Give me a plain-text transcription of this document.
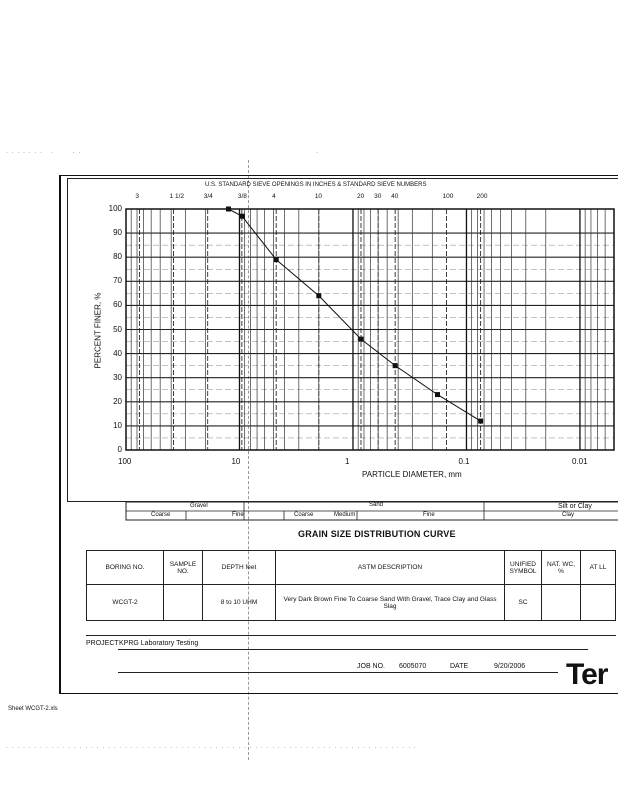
· · · · · · ·   ·       · ·                                                                                        ·
U.S. STANDARD SIEVE OPENINGS IN INCHES & STANDARD SIEVE NUMBERS
3	1 1/2	3/4	3/8	4	10	20 30 40	100	200
PARTICLE DIAMETER, mm
PERCENT FINER, %
0
10
20
30
40
50
60
70
80
90
100
100	10	1	0.1	0.01
Gravel	Sand	Silt or Clay
Coarse	Fine	Coarse	Medium	Fine	Clay
GRAIN SIZE DISTRIBUTION CURVE
BORING NO.	SAMPLE NO.	DEPTH feet	ASTM DESCRIPTION	UNIFIED SYMBOL	NAT. WC, %	AT LL
WCGT-2		8 to 10 UHM	Very Dark Brown Fine To Coarse Sand With Gravel, Trace Clay and Glass Slag	SC		
PROJECT KPRG Laboratory Testing
JOB NO. 6005070	DATE	9/20/2006 Ter
Sheet WCGT-2.xls
· · · · · · · · · · · · · · · · · · · · · · · · · · · · · · · · · · · · · · · · · · · · · · · · · · · · · · · · · · · · · · · · · · · · · · · · ·
